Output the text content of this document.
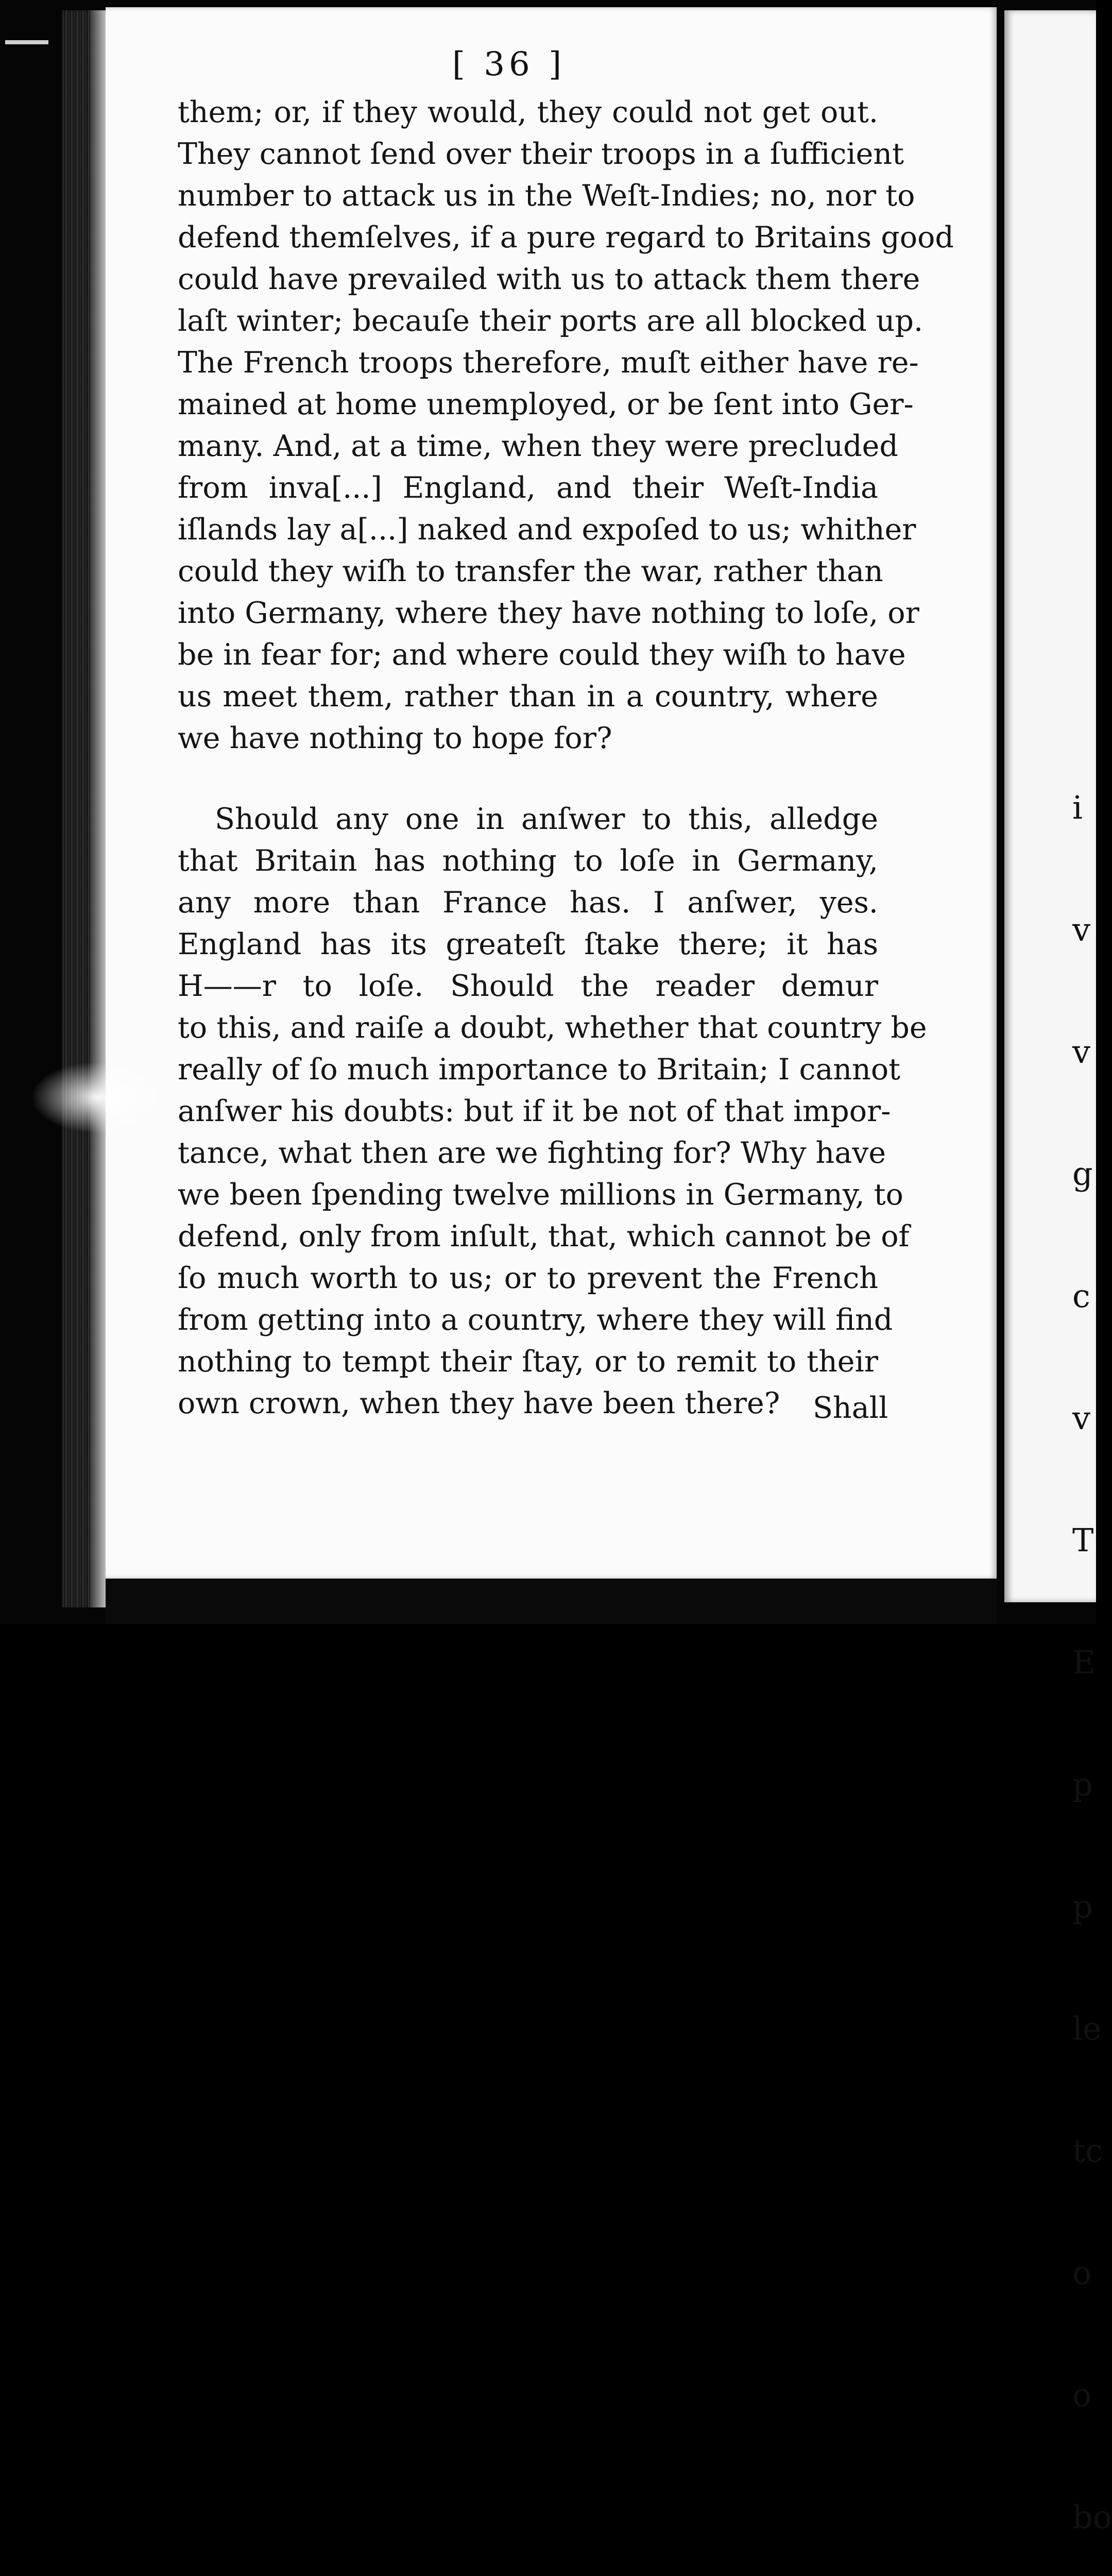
[ 36 ]
them; or, if they would, they could not get out.
They cannot ſend over their troops in a ſufficient
number to attack us in the Weſt-Indies; no, nor to
defend themſelves, if a pure regard to Britains good
could have prevailed with us to attack them there
laſt winter; becauſe their ports are all blocked up.
The French troops therefore, muſt either have re-
mained at home unemployed, or be ſent into Ger-
many. And, at a time, when they were precluded
from inva[...] England, and their Weſt-India
iſlands lay a[...] naked and expoſed to us; whither
could they wiſh to transfer the war, rather than
into Germany, where they have nothing to loſe, or
be in fear for; and where could they wiſh to have
us meet them, rather than in a country, where
we have nothing to hope for?
Should any one in anſwer to this, alledge
that Britain has nothing to loſe in Germany,
any more than France has. I anſwer, yes.
England has its greateſt ſtake there; it has
H——r to loſe. Should the reader demur
to this, and raiſe a doubt, whether that country be
really of ſo much importance to Britain; I cannot
anſwer his doubts: but if it be not of that impor-
tance, what then are we fighting for? Why have
we been ſpending twelve millions in Germany, to
defend, only from inſult, that, which cannot be of
ſo much worth to us; or to prevent the French
from getting into a country, where they will find
nothing to tempt their ſtay, or to remit to their
own crown, when they have been there?	Shall

i

v

v

g

c

v

T

E

p

p

le

tc

o

o

bo
